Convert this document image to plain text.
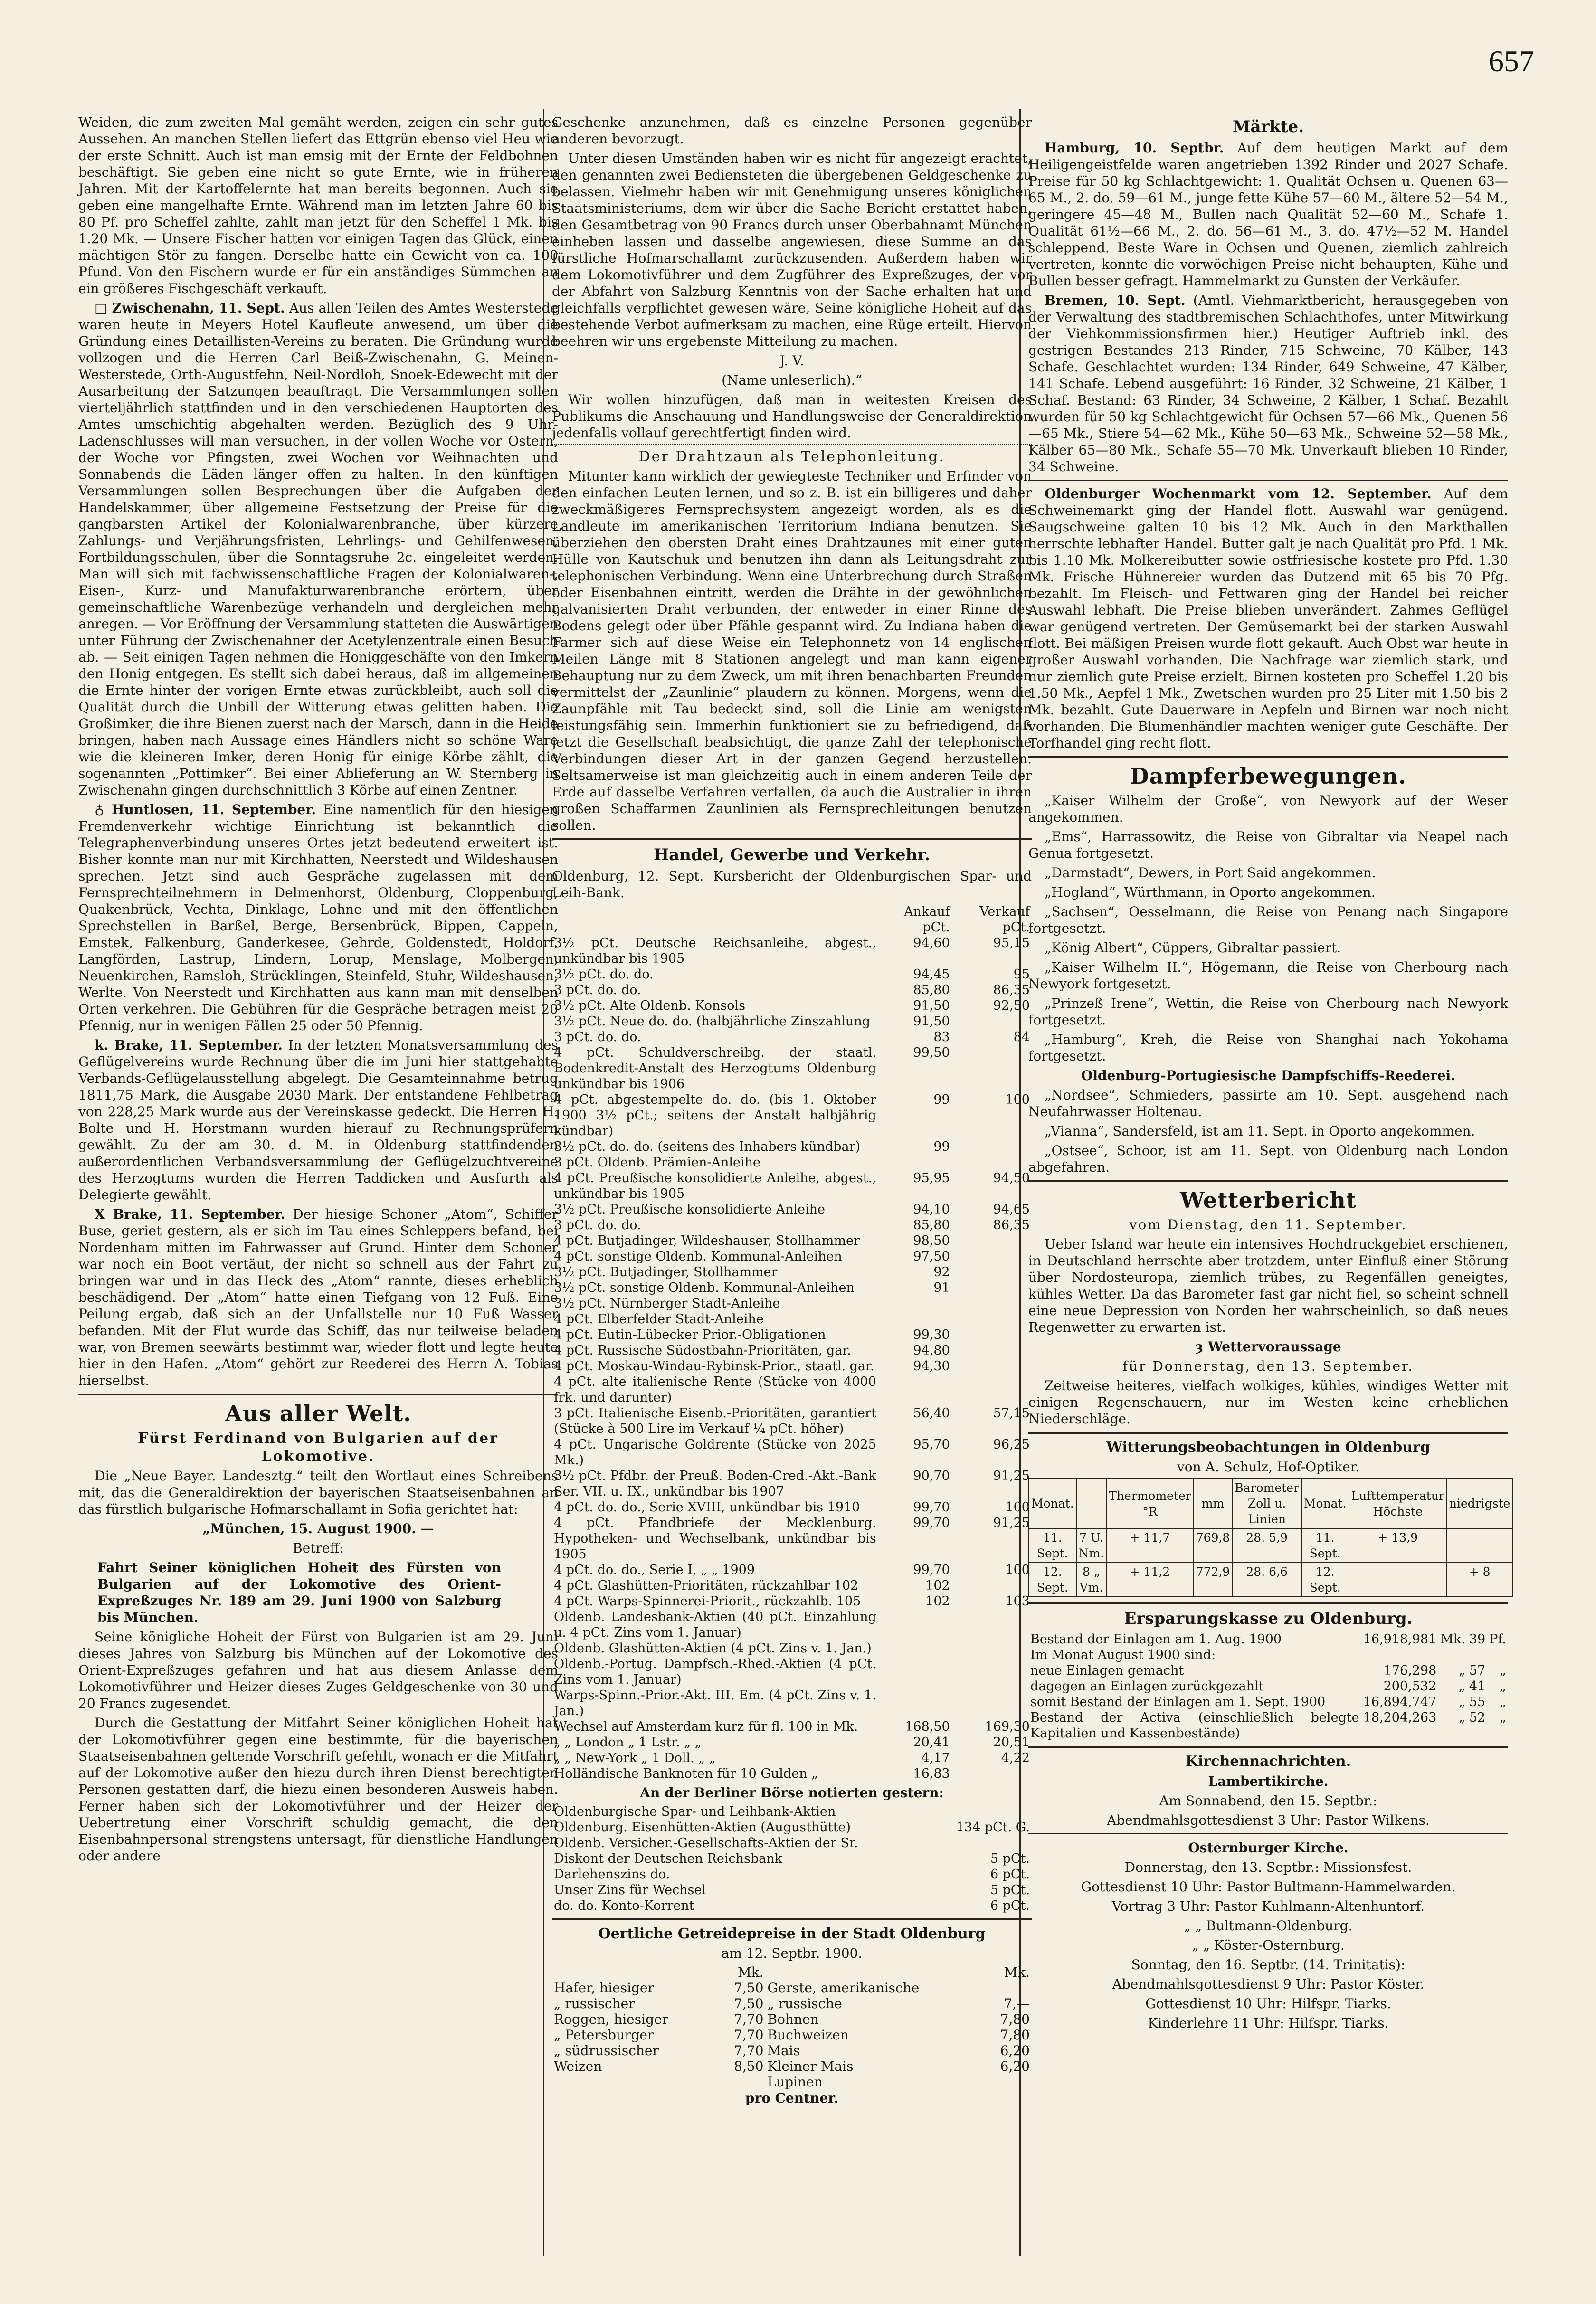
657

Weiden, die zum zweiten Mal gemäht werden, zeigen ein sehr gutes Aussehen. An manchen Stellen liefert das Ettgrün ebenso viel Heu wie der erste Schnitt. Auch ist man emsig mit der Ernte der Feldbohnen beschäftigt. Sie geben eine nicht so gute Ernte, wie in früheren Jahren. Mit der Kartoffelernte hat man bereits begonnen. Auch sie geben eine mangelhafte Ernte. Während man im letzten Jahre 60 bis 80 Pf. pro Scheffel zahlte, zahlt man jetzt für den Scheffel 1 Mk. bis 1.20 Mk. — Unsere Fischer hatten vor einigen Tagen das Glück, einen mächtigen Stör zu fangen. Derselbe hatte ein Gewicht von ca. 100 Pfund. Von den Fischern wurde er für ein anständiges Sümmchen an ein größeres Fischgeschäft verkauft.

□ Zwischenahn, 11. Sept. Aus allen Teilen des Amtes Westerstede waren heute in Meyers Hotel Kaufleute anwesend, um über die Gründung eines Detaillisten-Vereins zu beraten. Die Gründung wurde vollzogen und die Herren Carl Beiß-Zwischenahn, G. Meinen-Westerstede, Orth-Augustfehn, Neil-Nordloh, Snoek-Edewecht mit der Ausarbeitung der Satzungen beauftragt. Die Versammlungen sollen vierteljährlich stattfinden und in den verschiedenen Hauptorten des Amtes umschichtig abgehalten werden. Bezüglich des 9 Uhr-Ladenschlusses will man versuchen, in der vollen Woche vor Ostern, der Woche vor Pfingsten, zwei Wochen vor Weihnachten und Sonnabends die Läden länger offen zu halten. In den künftigen Versammlungen sollen Besprechungen über die Aufgaben der Handelskammer, über allgemeine Festsetzung der Preise für die gangbarsten Artikel der Kolonialwarenbranche, über kürzere Zahlungs- und Verjährungsfristen, Lehrlings- und Gehilfenwesen, Fortbildungsschulen, über die Sonntagsruhe 2c. eingeleitet werden. Man will sich mit fachwissenschaftliche Fragen der Kolonialwaren-, Eisen-, Kurz- und Manufakturwarenbranche erörtern, über gemeinschaftliche Warenbezüge verhandeln und dergleichen mehr anregen. — Vor Eröffnung der Versammlung statteten die Auswärtigen unter Führung der Zwischenahner der Acetylenzentrale einen Besuch ab. — Seit einigen Tagen nehmen die Honiggeschäfte von den Imkern den Honig entgegen. Es stellt sich dabei heraus, daß im allgemeinen die Ernte hinter der vorigen Ernte etwas zurückbleibt, auch soll die Qualität durch die Unbill der Witterung etwas gelitten haben. Die Großimker, die ihre Bienen zuerst nach der Marsch, dann in die Heide bringen, haben nach Aussage eines Händlers nicht so schöne Ware wie die kleineren Imker, deren Honig für einige Körbe zählt, die sogenannten „Pottimker“. Bei einer Ablieferung an W. Sternberg in Zwischenahn gingen durchschnittlich 3 Körbe auf einen Zentner.

♁ Huntlosen, 11. September. Eine namentlich für den hiesigen Fremdenverkehr wichtige Einrichtung ist bekanntlich die Telegraphenverbindung unseres Ortes jetzt bedeutend erweitert ist. Bisher konnte man nur mit Kirchhatten, Neerstedt und Wildeshausen sprechen. Jetzt sind auch Gespräche zugelassen mit dem Fernsprechteilnehmern in Delmenhorst, Oldenburg, Cloppenburg, Quakenbrück, Vechta, Dinklage, Lohne und mit den öffentlichen Sprechstellen in Barßel, Berge, Bersenbrück, Bippen, Cappeln, Emstek, Falkenburg, Ganderkesee, Gehrde, Goldenstedt, Holdorf, Langförden, Lastrup, Lindern, Lorup, Menslage, Molbergen, Neuenkirchen, Ramsloh, Strücklingen, Steinfeld, Stuhr, Wildeshausen, Werlte. Von Neerstedt und Kirchhatten aus kann man mit denselben Orten verkehren. Die Gebühren für die Gespräche betragen meist 20 Pfennig, nur in wenigen Fällen 25 oder 50 Pfennig.

k. Brake, 11. September. In der letzten Monatsversammlung des Geflügelvereins wurde Rechnung über die im Juni hier stattgehabte Verbands-Geflügelausstellung abgelegt. Die Gesamteinnahme betrug 1811,75 Mark, die Ausgabe 2030 Mark. Der entstandene Fehlbetrag von 228,25 Mark wurde aus der Vereinskasse gedeckt. Die Herren H. Bolte und H. Horstmann wurden hierauf zu Rechnungsprüfern gewählt. Zu der am 30. d. M. in Oldenburg stattfindenden außerordentlichen Verbandsversammlung der Geflügelzuchtvereine des Herzogtums wurden die Herren Taddicken und Ausfurth als Delegierte gewählt.

X Brake, 11. September. Der hiesige Schoner „Atom“, Schiffer Buse, geriet gestern, als er sich im Tau eines Schleppers befand, bei Nordenham mitten im Fahrwasser auf Grund. Hinter dem Schoner war noch ein Boot vertäut, der nicht so schnell aus der Fahrt zu bringen war und in das Heck des „Atom“ rannte, dieses erheblich beschädigend. Der „Atom“ hatte einen Tiefgang von 12 Fuß. Eine Peilung ergab, daß sich an der Unfallstelle nur 10 Fuß Wasser befanden. Mit der Flut wurde das Schiff, das nur teilweise beladen war, von Bremen seewärts bestimmt war, wieder flott und legte heute hier in den Hafen. „Atom“ gehört zur Reederei des Herrn A. Tobias hierselbst.

Aus aller Welt.
Fürst Ferdinand von Bulgarien auf der Lokomotive.

Die „Neue Bayer. Landesztg.“ teilt den Wortlaut eines Schreibens mit, das die Generaldirektion der bayerischen Staatseisenbahnen an das fürstlich bulgarische Hofmarschallamt in Sofia gerichtet hat:

„München, 15. August 1900. —

Betreff:

Fahrt Seiner königlichen Hoheit des Fürsten von Bulgarien auf der Lokomotive des Orient-Expreßzuges Nr. 189 am 29. Juni 1900 von Salzburg bis München.

Seine königliche Hoheit der Fürst von Bulgarien ist am 29. Juni dieses Jahres von Salzburg bis München auf der Lokomotive des Orient-Expreßzuges gefahren und hat aus diesem Anlasse dem Lokomotivführer und Heizer dieses Zuges Geldgeschenke von 30 und 20 Francs zugesendet.

Durch die Gestattung der Mitfahrt Seiner königlichen Hoheit hat der Lokomotivführer gegen eine bestimmte, für die bayerischen Staatseisenbahnen geltende Vorschrift gefehlt, wonach er die Mitfahrt auf der Lokomotive außer den hiezu durch ihren Dienst berechtigten Personen gestatten darf, die hiezu einen besonderen Ausweis haben. Ferner haben sich der Lokomotivführer und der Heizer der Uebertretung einer Vorschrift schuldig gemacht, die den Eisenbahnpersonal strengstens untersagt, für dienstliche Handlungen oder andere

Geschenke anzunehmen, daß es einzelne Personen gegenüber anderen bevorzugt.

Unter diesen Umständen haben wir es nicht für angezeigt erachtet, den genannten zwei Bediensteten die übergebenen Geldgeschenke zu belassen. Vielmehr haben wir mit Genehmigung unseres königlichen Staatsministeriums, dem wir über die Sache Bericht erstattet haben, den Gesamtbetrag von 90 Francs durch unser Oberbahnamt München einheben lassen und dasselbe angewiesen, diese Summe an das fürstliche Hofmarschallamt zurückzusenden. Außerdem haben wir dem Lokomotivführer und dem Zugführer des Expreßzuges, der vor der Abfahrt von Salzburg Kenntnis von der Sache erhalten hat und gleichfalls verpflichtet gewesen wäre, Seine königliche Hoheit auf das bestehende Verbot aufmerksam zu machen, eine Rüge erteilt. Hiervon beehren wir uns ergebenste Mitteilung zu machen.

J. V.

(Name unleserlich).“

Wir wollen hinzufügen, daß man in weitesten Kreisen des Publikums die Anschauung und Handlungsweise der Generaldirektion jedenfalls vollauf gerechtfertigt finden wird.

Der Drahtzaun als Telephonleitung.

Mitunter kann wirklich der gewiegteste Techniker und Erfinder von den einfachen Leuten lernen, und so z. B. ist ein billigeres und daher zweckmäßigeres Fernsprechsystem angezeigt worden, als es die Landleute im amerikanischen Territorium Indiana benutzen. Sie überziehen den obersten Draht eines Drahtzaunes mit einer guten Hülle von Kautschuk und benutzen ihn dann als Leitungsdraht zur telephonischen Verbindung. Wenn eine Unterbrechung durch Straßen oder Eisenbahnen eintritt, werden die Drähte in der gewöhnlichen galvanisierten Draht verbunden, der entweder in einer Rinne des Bodens gelegt oder über Pfähle gespannt wird. Zu Indiana haben die Farmer sich auf diese Weise ein Telephonnetz von 14 englischen Meilen Länge mit 8 Stationen angelegt und man kann eigener Behauptung nur zu dem Zweck, um mit ihren benachbarten Freunden vermittelst der „Zaunlinie“ plaudern zu können. Morgens, wenn die Zaunpfähle mit Tau bedeckt sind, soll die Linie am wenigsten leistungsfähig sein. Immerhin funktioniert sie zu befriedigend, daß jetzt die Gesellschaft beabsichtigt, die ganze Zahl der telephonische Verbindungen dieser Art in der ganzen Gegend herzustellen. Seltsamerweise ist man gleichzeitig auch in einem anderen Teile der Erde auf dasselbe Verfahren verfallen, da auch die Australier in ihren großen Schaffarmen Zaunlinien als Fernsprechleitungen benutzen sollen.

Handel, Gewerbe und Verkehr.

Oldenburg, 12. Sept. Kursbericht der Oldenburgischen Spar- und Leih-Bank.

	Ankauf	Verkauf
	pCt.	pCt.
3½ pCt. Deutsche Reichsanleihe, abgest., unkündbar bis 1905	94,60	95,15
3½ pCt. do. do.	94,45	95
3 pCt. do. do.	85,80	86,35
3½ pCt. Alte Oldenb. Konsols	91,50	92,50
3½ pCt. Neue do. do. (halbjährliche Zinszahlung	91,50	
3 pCt. do. do.	83	84
4 pCt. Schuldverschreibg. der staatl. Bodenkredit-Anstalt des Herzogtums Oldenburg unkündbar bis 1906	99,50	
4 pCt. abgestempelte do. do. (bis 1. Oktober 1900 3½ pCt.; seitens der Anstalt halbjährig kündbar)	99	100
3½ pCt. do. do. (seitens des Inhabers kündbar)	99	
3 pCt. Oldenb. Prämien-Anleihe		
4 pCt. Preußische konsolidierte Anleihe, abgest., unkündbar bis 1905	95,95	94,50
3½ pCt. Preußische konsolidierte Anleihe	94,10	94,65
3 pCt. do. do.	85,80	86,35
4 pCt. Butjadinger, Wildeshauser, Stollhammer	98,50	
4 pCt. sonstige Oldenb. Kommunal-Anleihen	97,50	
3½ pCt. Butjadinger, Stollhammer	92	
3½ pCt. sonstige Oldenb. Kommunal-Anleihen	91	
3½ pCt. Nürnberger Stadt-Anleihe		
4 pCt. Elberfelder Stadt-Anleihe		
4 pCt. Eutin-Lübecker Prior.-Obligationen	99,30	
4 pCt. Russische Südostbahn-Prioritäten, gar.	94,80	
4 pCt. Moskau-Windau-Rybinsk-Prior., staatl. gar.	94,30	
4 pCt. alte italienische Rente (Stücke von 4000 frk. und darunter)		
3 pCt. Italienische Eisenb.-Prioritäten, garantiert (Stücke à 500 Lire im Verkauf ¼ pCt. höher)	56,40	57,15
4 pCt. Ungarische Goldrente (Stücke von 2025 Mk.)	95,70	96,25
3½ pCt. Pfdbr. der Preuß. Boden-Cred.-Akt.-Bank Ser. VII. u. IX., unkündbar bis 1907	90,70	91,25
4 pCt. do. do., Serie XVIII, unkündbar bis 1910	99,70	100
4 pCt. Pfandbriefe der Mecklenburg. Hypotheken- und Wechselbank, unkündbar bis 1905	99,70	91,25
4 pCt. do. do., Serie I, „ „ 1909	99,70	100
4 pCt. Glashütten-Prioritäten, rückzahlbar 102	102	
4 pCt. Warps-Spinnerei-Priorit., rückzahlb. 105	102	103
Oldenb. Landesbank-Aktien (40 pCt. Einzahlung u. 4 pCt. Zins vom 1. Januar)		
Oldenb. Glashütten-Aktien (4 pCt. Zins v. 1. Jan.)		
Oldenb.-Portug. Dampfsch.-Rhed.-Aktien (4 pCt. Zins vom 1. Januar)		
Warps-Spinn.-Prior.-Akt. III. Em. (4 pCt. Zins v. 1. Jan.)		
Wechsel auf Amsterdam kurz für fl. 100 in Mk.	168,50	169,30
„ „ London „ 1 Lstr. „ „	20,41	20,51
„ „ New-York „ 1 Doll. „ „	4,17	4,22
Holländische Banknoten für 10 Gulden „	16,83	

An der Berliner Börse notierten gestern:

Oldenburgische Spar- und Leihbank-Aktien	
Oldenburg. Eisenhütten-Aktien (Augusthütte)	134 pCt. G.
Oldenb. Versicher.-Gesellschafts-Aktien der Sr.	
Diskont der Deutschen Reichsbank	5 pCt.
Darlehenszins do.	6 pCt.
Unser Zins für Wechsel	5 pCt.
do. do. Konto-Korrent	6 pCt.
Oertliche Getreidepreise in der Stadt Oldenburg

am 12. Septbr. 1900.

	Mk.		Mk.
Hafer, hiesiger	7,50	Gerste, amerikanische	
„ russischer	7,50	„ russische	7,—
Roggen, hiesiger	7,70	Bohnen	7,80
„ Petersburger	7,70	Buchweizen	7,80
„ südrussischer	7,70	Mais	6,20
Weizen	8,50	Kleiner Mais	6,20
		Lupinen	

pro Centner.

Märkte.

Hamburg, 10. Septbr. Auf dem heutigen Markt auf dem Heiligengeistfelde waren angetrieben 1392 Rinder und 2027 Schafe. Preise für 50 kg Schlachtgewicht: 1. Qualität Ochsen u. Quenen 63—65 M., 2. do. 59—61 M., junge fette Kühe 57—60 M., ältere 52—54 M., geringere 45—48 M., Bullen nach Qualität 52—60 M., Schafe 1. Qualität 61½—66 M., 2. do. 56—61 M., 3. do. 47½—52 M. Handel schleppend. Beste Ware in Ochsen und Quenen, ziemlich zahlreich vertreten, konnte die vorwöchigen Preise nicht behaupten, Kühe und Bullen besser gefragt. Hammelmarkt zu Gunsten der Verkäufer.

Bremen, 10. Sept. (Amtl. Viehmarktbericht, herausgegeben von der Verwaltung des stadtbremischen Schlachthofes, unter Mitwirkung der Viehkommissionsfirmen hier.) Heutiger Auftrieb inkl. des gestrigen Bestandes 213 Rinder, 715 Schweine, 70 Kälber, 143 Schafe. Geschlachtet wurden: 134 Rinder, 649 Schweine, 47 Kälber, 141 Schafe. Lebend ausgeführt: 16 Rinder, 32 Schweine, 21 Kälber, 1 Schaf. Bestand: 63 Rinder, 34 Schweine, 2 Kälber, 1 Schaf. Bezahlt wurden für 50 kg Schlachtgewicht für Ochsen 57—66 Mk., Quenen 56—65 Mk., Stiere 54—62 Mk., Kühe 50—63 Mk., Schweine 52—58 Mk., Kälber 65—80 Mk., Schafe 55—70 Mk. Unverkauft blieben 10 Rinder, 34 Schweine.

Oldenburger Wochenmarkt vom 12. September. Auf dem Schweinemarkt ging der Handel flott. Auswahl war genügend. Saugschweine galten 10 bis 12 Mk. Auch in den Markthallen herrschte lebhafter Handel. Butter galt je nach Qualität pro Pfd. 1 Mk. bis 1.10 Mk. Molkereibutter sowie ostfriesische kostete pro Pfd. 1.30 Mk. Frische Hühnereier wurden das Dutzend mit 65 bis 70 Pfg. bezahlt. Im Fleisch- und Fettwaren ging der Handel bei reicher Auswahl lebhaft. Die Preise blieben unverändert. Zahmes Geflügel war genügend vertreten. Der Gemüsemarkt bei der starken Auswahl flott. Bei mäßigen Preisen wurde flott gekauft. Auch Obst war heute in großer Auswahl vorhanden. Die Nachfrage war ziemlich stark, und nur ziemlich gute Preise erzielt. Birnen kosteten pro Scheffel 1.20 bis 1.50 Mk., Aepfel 1 Mk., Zwetschen wurden pro 25 Liter mit 1.50 bis 2 Mk. bezahlt. Gute Dauerware in Aepfeln und Birnen war noch nicht vorhanden. Die Blumenhändler machten weniger gute Geschäfte. Der Torfhandel ging recht flott.

Dampferbewegungen.

„Kaiser Wilhelm der Große“, von Newyork auf der Weser angekommen.

„Ems“, Harrassowitz, die Reise von Gibraltar via Neapel nach Genua fortgesetzt.

„Darmstadt“, Dewers, in Port Said angekommen.

„Hogland“, Würthmann, in Oporto angekommen.

„Sachsen“, Oesselmann, die Reise von Penang nach Singapore fortgesetzt.

„König Albert“, Cüppers, Gibraltar passiert.

„Kaiser Wilhelm II.“, Högemann, die Reise von Cherbourg nach Newyork fortgesetzt.

„Prinzeß Irene“, Wettin, die Reise von Cherbourg nach Newyork fortgesetzt.

„Hamburg“, Kreh, die Reise von Shanghai nach Yokohama fortgesetzt.

Oldenburg-Portugiesische Dampfschiffs-Reederei.

„Nordsee“, Schmieders, passirte am 10. Sept. ausgehend nach Neufahrwasser Holtenau.

„Vianna“, Sandersfeld, ist am 11. Sept. in Oporto angekommen.

„Ostsee“, Schoor, ist am 11. Sept. von Oldenburg nach London abgefahren.

Wetterbericht

vom Dienstag, den 11. September.

Ueber Island war heute ein intensives Hochdruckgebiet erschienen, in Deutschland herrschte aber trotzdem, unter Einfluß einer Störung über Nordosteuropa, ziemlich trübes, zu Regenfällen geneigtes, kühles Wetter. Da das Barometer fast gar nicht fiel, so scheint schnell eine neue Depression von Norden her wahrscheinlich, so daß neues Regenwetter zu erwarten ist.

ȝ Wettervoraussage

für Donnerstag, den 13. September.

Zeitweise heiteres, vielfach wolkiges, kühles, windiges Wetter mit einigen Regenschauern, nur im Westen keine erheblichen Niederschläge.

Witterungsbeobachtungen in Oldenburg

von A. Schulz, Hof-Optiker.

Monat.		Thermometer °R	mm	Barometer Zoll u. Linien	Monat.	Lufttemperatur Höchste	niedrigste
11. Sept.	7 U. Nm.	+ 11,7	769,8	28. 5,9	11. Sept.	+ 13,9	
12. Sept.	8 „ Vm.	+ 11,2	772,9	28. 6,6	12. Sept.		+ 8
Ersparungskasse zu Oldenburg.
Bestand der Einlagen am 1. Aug. 1900	16,918,981	Mk.	39	Pf.
Im Monat August 1900 sind:				
neue Einlagen gemacht	176,298	„	57	„
dagegen an Einlagen zurückgezahlt	200,532	„	41	„
somit Bestand der Einlagen am 1. Sept. 1900	16,894,747	„	55	„
Bestand der Activa (einschließlich belegte Kapitalien und Kassenbestände)	18,204,263	„	52	„
Kirchennachrichten.
Lambertikirche.

Am Sonnabend, den 15. Septbr.:

Abendmahlsgottesdienst 3 Uhr: Pastor Wilkens.

Osternburger Kirche.

Donnerstag, den 13. Septbr.: Missionsfest.

Gottesdienst 10 Uhr: Pastor Bultmann-Hammelwarden.

Vortrag 3 Uhr: Pastor Kuhlmann-Altenhuntorf.

„ „ Bultmann-Oldenburg.

„ „ Köster-Osternburg.

Sonntag, den 16. Septbr. (14. Trinitatis):

Abendmahlsgottesdienst 9 Uhr: Pastor Köster.

Gottesdienst 10 Uhr: Hilfspr. Tiarks.

Kinderlehre 11 Uhr: Hilfspr. Tiarks.
